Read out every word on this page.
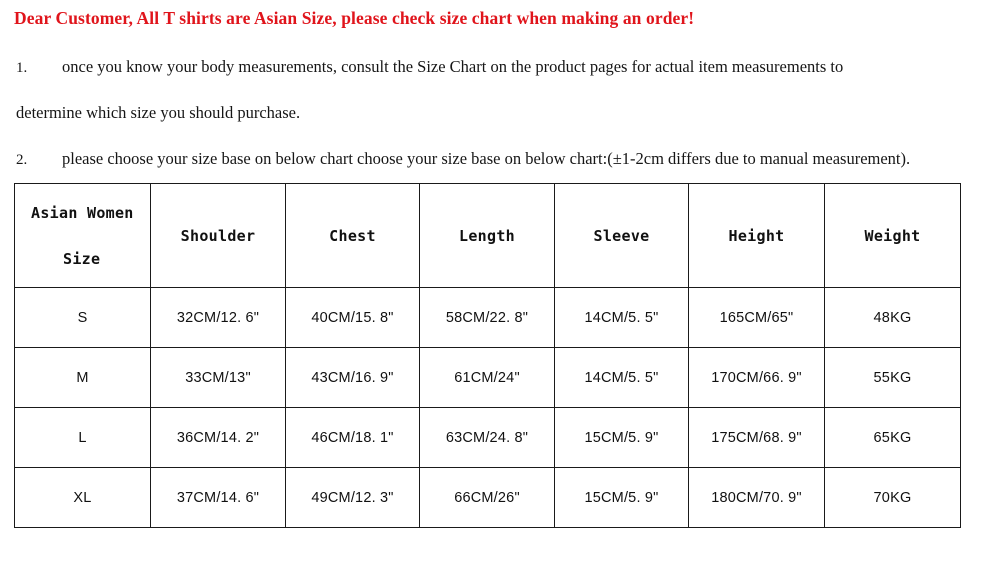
Dear Customer, All T shirts are Asian Size, please check size chart when making an order!
1. once you know your body measurements, consult the Size Chart on the product pages for actual item measurements to
determine which size you should purchase.
2. please choose your size base on below chart choose your size base on below chart:(±1-2cm differs due to manual measurement).
Asian Women
Size	Shoulder	Chest	Length	Sleeve	Height	Weight
S	32CM/12. 6"	40CM/15. 8"	58CM/22. 8"	14CM/5. 5"	165CM/65"	48KG
M	33CM/13"	43CM/16. 9"	61CM/24"	14CM/5. 5"	170CM/66. 9"	55KG
L	36CM/14. 2"	46CM/18. 1"	63CM/24. 8"	15CM/5. 9"	175CM/68. 9"	65KG
XL	37CM/14. 6"	49CM/12. 3"	66CM/26"	15CM/5. 9"	180CM/70. 9"	70KG
